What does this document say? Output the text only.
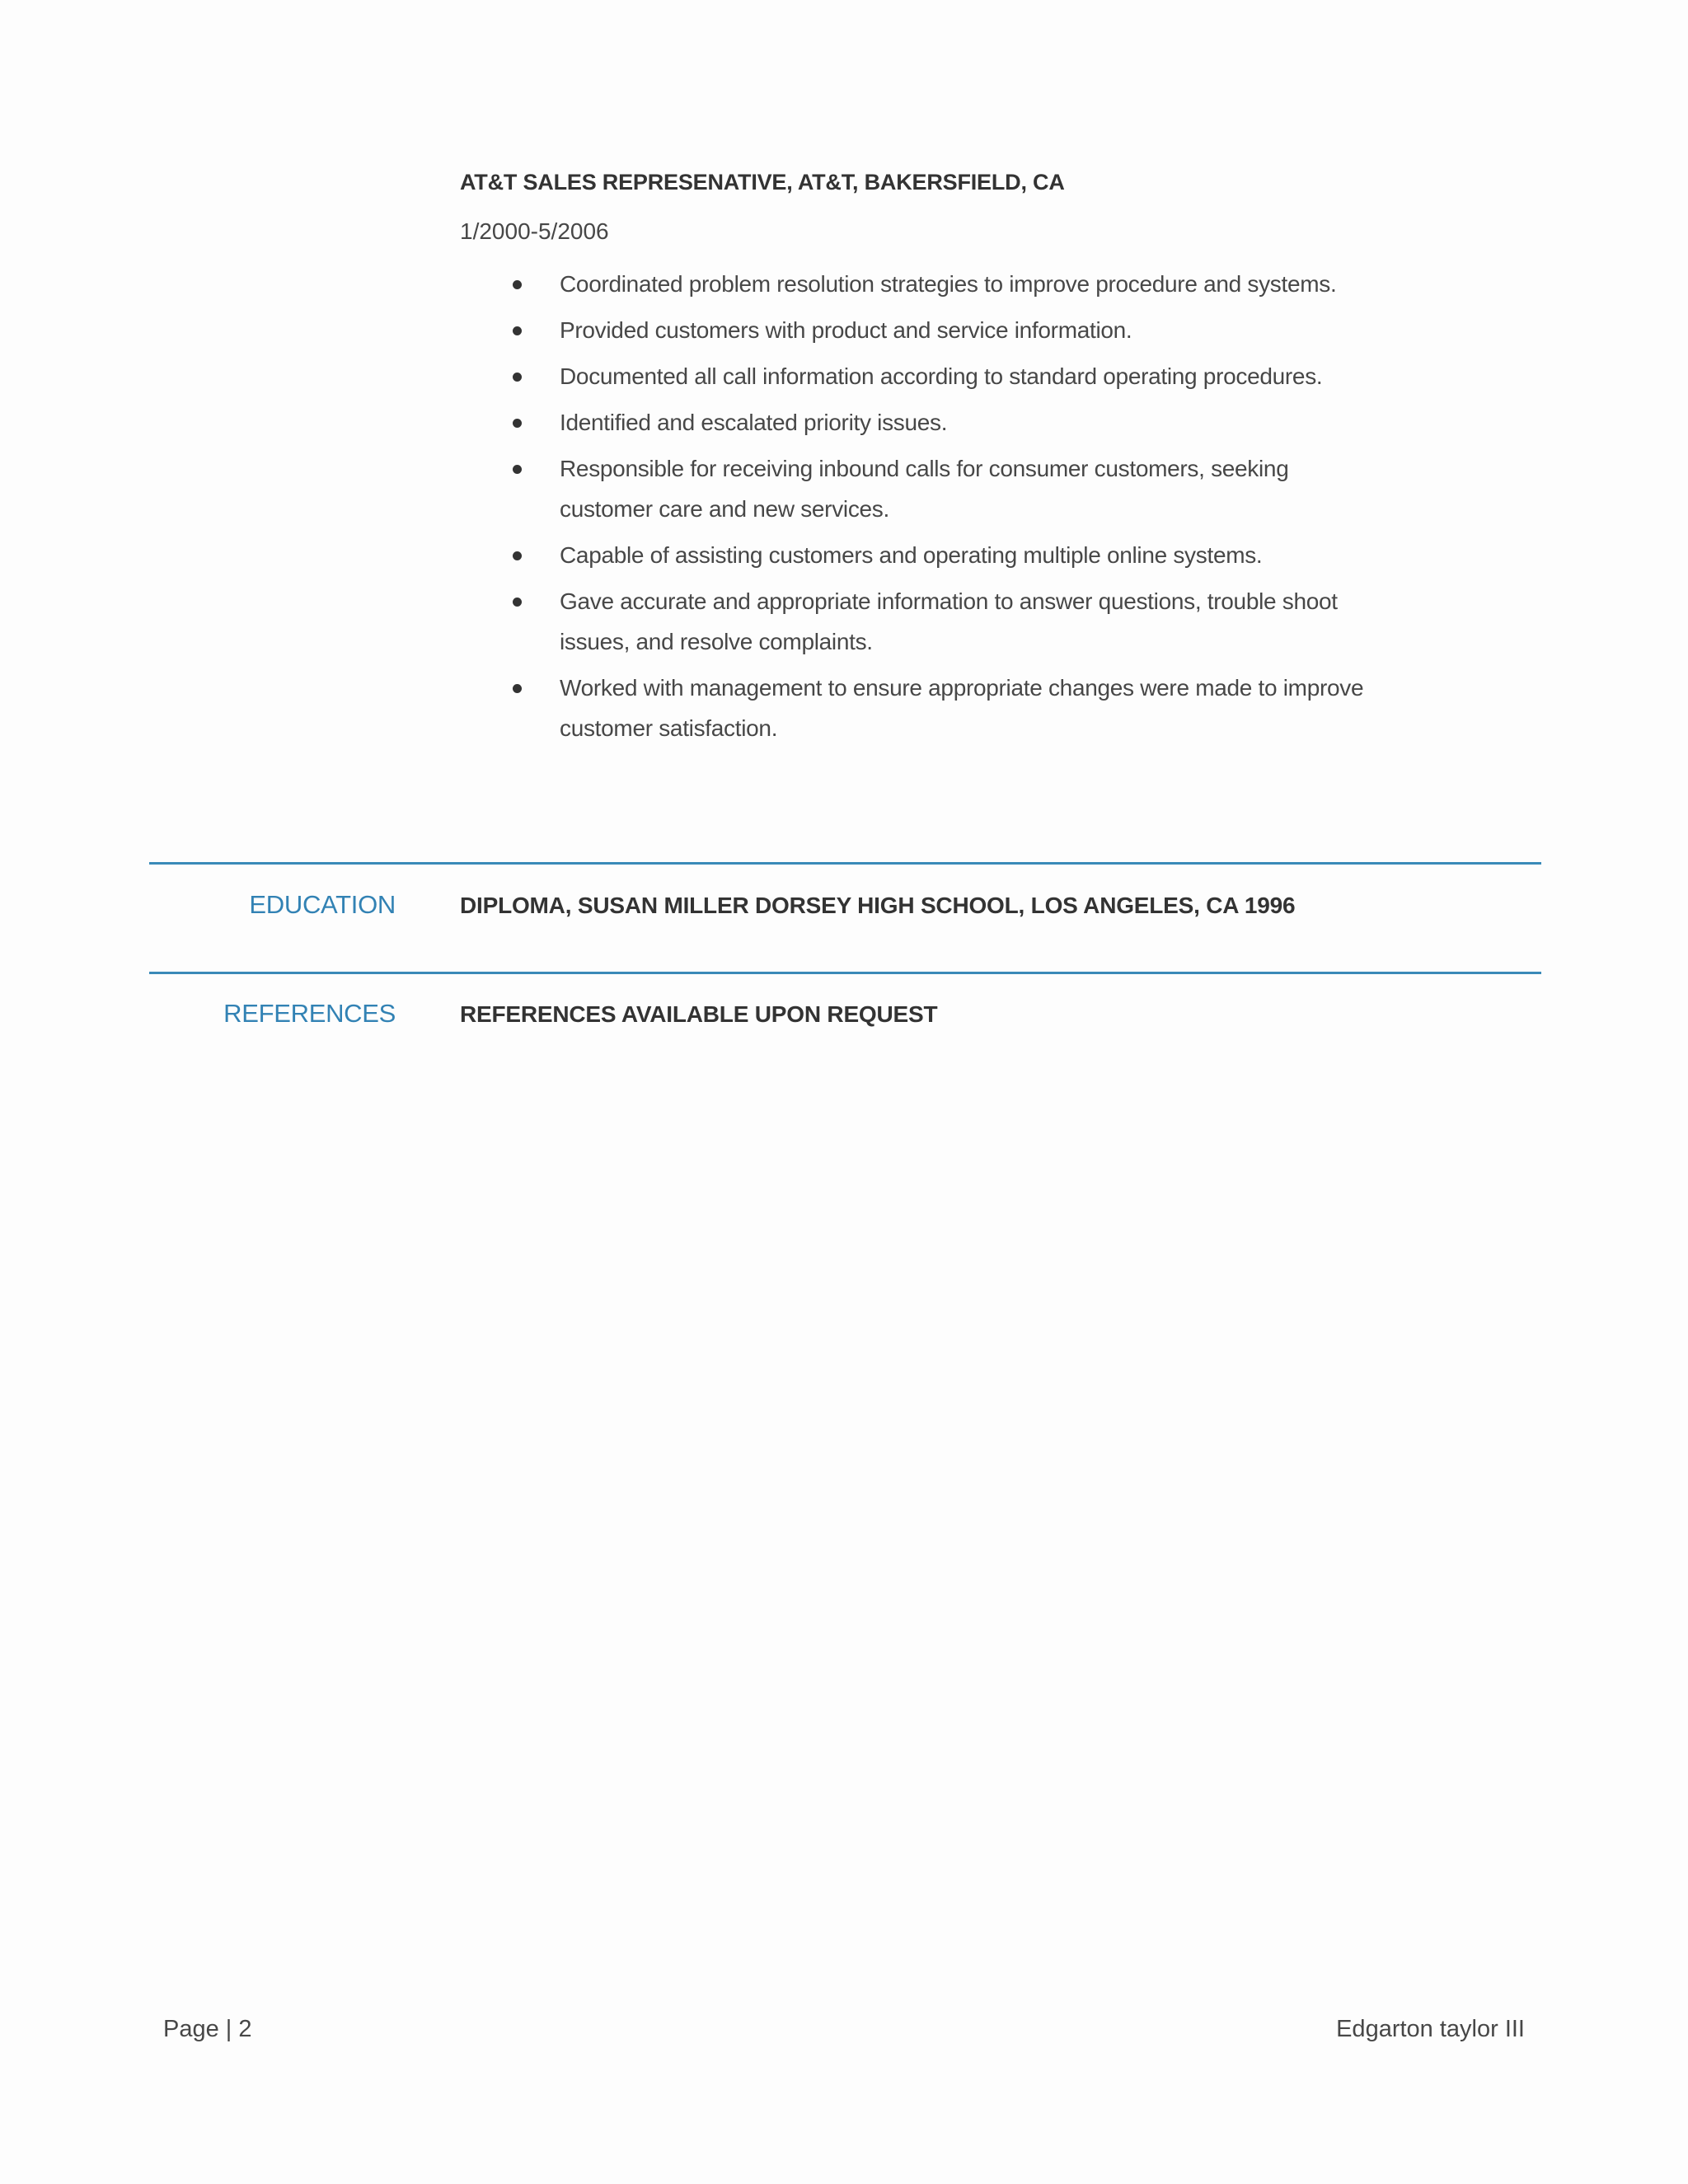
AT&T SALES REPRESENATIVE, AT&T, BAKERSFIELD, CA
1/2000-5/2006
Coordinated problem resolution strategies to improve procedure and systems.
Provided customers with product and service information.
Documented all call information according to standard operating procedures.
Identified and escalated priority issues.
Responsible for receiving inbound calls for consumer customers, seeking customer care and new services.
Capable of assisting customers and operating multiple online systems.
Gave accurate and appropriate information to answer questions, trouble shoot issues, and resolve complaints.
Worked with management to ensure appropriate changes were made to improve customer satisfaction.
EDUCATION	DIPLOMA, SUSAN MILLER DORSEY HIGH SCHOOL, LOS ANGELES, CA 1996
REFERENCES	REFERENCES AVAILABLE UPON REQUEST
Page | 2	Edgarton taylor III
